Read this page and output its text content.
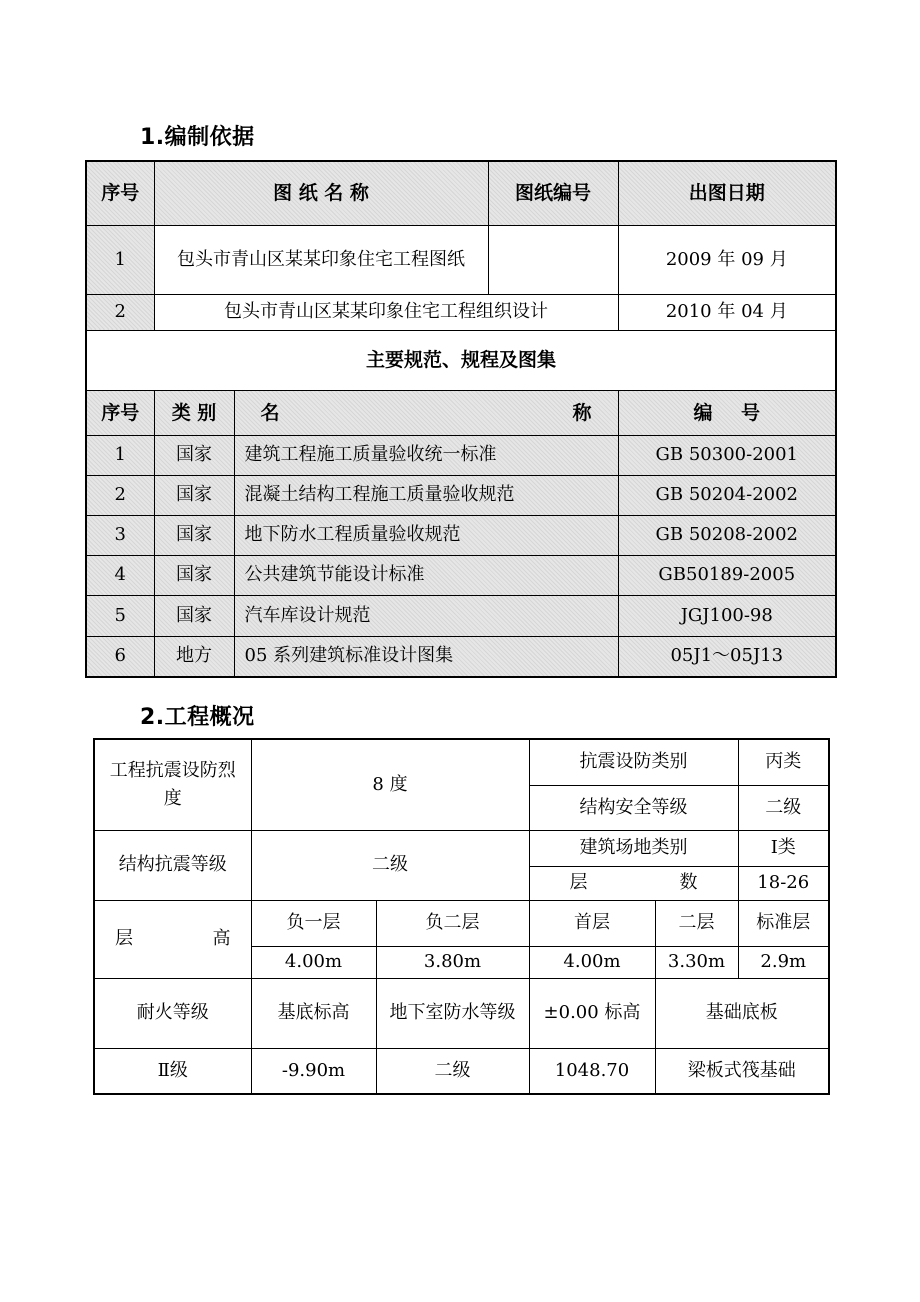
1.编制依据
序号	图 纸 名 称		图纸编号	出图日期
1	包头市青山区某某印象住宅工程图纸			2009 年 09 月
2	包头市青山区某某印象住宅工程组织设计			2010 年 04 月
主要规范、规程及图集				
序号	类 别	名 称		编   号
1	国家	建筑工程施工质量验收统一标准		GB 50300-2001
2	国家	混凝土结构工程施工质量验收规范		GB 50204-2002
3	国家	地下防水工程质量验收规范		GB 50208-2002
4	国家	公共建筑节能设计标准		GB50189-2005
5	国家	汽车库设计规范		JGJ100-98
6	地方	05 系列建筑标准设计图集		05J1～05J13
2.工程概况
工程抗震设防烈度	8 度		抗震设防类别		丙类
			结构安全等级		二级
结构抗震等级	二级		建筑场地类别		Ⅰ类

			层 数		18-26

层 高	负一层	负二层	首层	二层	标准层
	4.00m	3.80m	4.00m	3.30m	2.9m
耐火等级	基底标高	地下室防水等级	±0.00 标高	基础底板	
Ⅱ级	-9.90m	二级	1048.70	梁板式筏基础	
